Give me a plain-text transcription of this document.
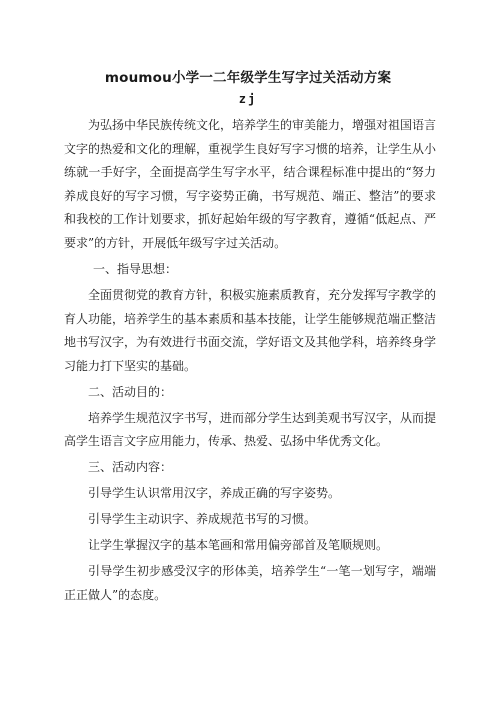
moumou小学一二年级学生写字过关活动方案
zj

为弘扬中华民族传统文化，培养学生的审美能力，增强对祖国语言文字的热爱和文化的理解，重视学生良好写字习惯的培养，让学生从小练就一手好字，全面提高学生写字水平，结合课程标准中提出的“努力养成良好的写字习惯，写字姿势正确，书写规范、端正、整洁”的要求和我校的工作计划要求，抓好起始年级的写字教育，遵循“低起点、严要求”的方针，开展低年级写字过关活动。

一、指导思想：

全面贯彻党的教育方针，积极实施素质教育，充分发挥写字教学的育人功能，培养学生的基本素质和基本技能，让学生能够规范端正整洁地书写汉字，为有效进行书面交流，学好语文及其他学科，培养终身学习能力打下坚实的基础。

二、活动目的：

培养学生规范汉字书写，进而部分学生达到美观书写汉字，从而提高学生语言文字应用能力，传承、热爱、弘扬中华优秀文化。

三、活动内容：

引导学生认识常用汉字，养成正确的写字姿势。

引导学生主动识字、养成规范书写的习惯。

让学生掌握汉字的基本笔画和常用偏旁部首及笔顺规则。

引导学生初步感受汉字的形体美，培养学生“一笔一划写字，端端正正做人”的态度。
